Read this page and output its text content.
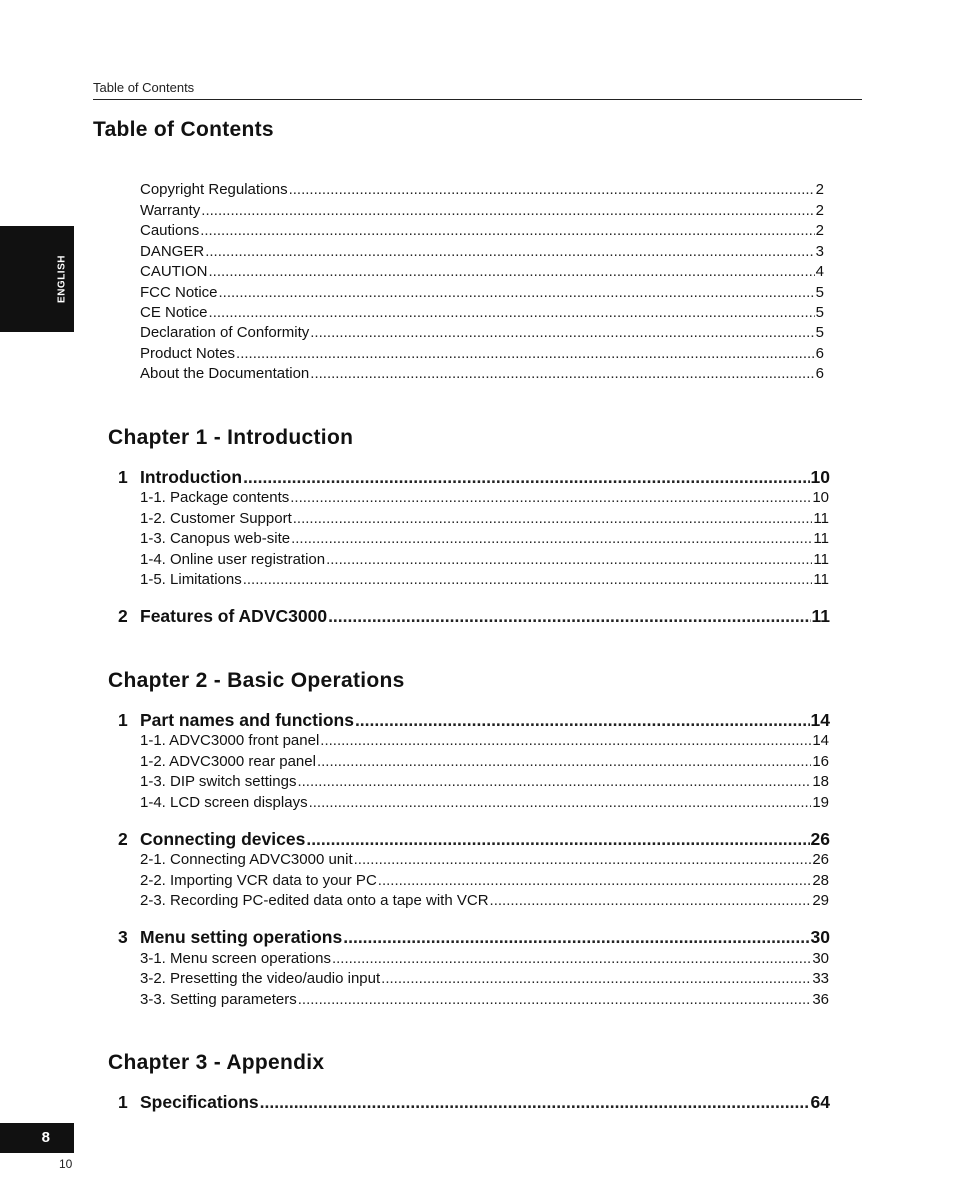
Table of Contents
ENGLISH
Table of Contents
Copyright Regulations .....	2
Warranty .....	2
Cautions .....	2
DANGER .....	3
CAUTION .....	4
FCC Notice .....	5
CE Notice .....	5
Declaration of Conformity .....	5
Product Notes .....	6
About the Documentation .....	6
Chapter 1 - Introduction
1 Introduction .....	10
1-1. Package contents .....	10
1-2. Customer Support .....	11
1-3. Canopus web-site .....	11
1-4. Online user registration .....	11
1-5. Limitations .....	11
2 Features of ADVC3000 .....	11
Chapter 2 - Basic Operations
1 Part names and functions .....	14
1-1. ADVC3000 front panel .....	14
1-2. ADVC3000 rear panel .....	16
1-3. DIP switch settings .....	18
1-4. LCD screen displays .....	19
2 Connecting devices .....	26
2-1. Connecting ADVC3000 unit .....	26
2-2. Importing VCR data to your PC .....	28
2-3. Recording PC-edited data onto a tape with VCR .....	29
3 Menu setting operations .....	30
3-1. Menu screen operations .....	30
3-2. Presetting the video/audio input .....	33
3-3. Setting parameters .....	36
Chapter 3 - Appendix
1 Specifications .....	64
8
10
